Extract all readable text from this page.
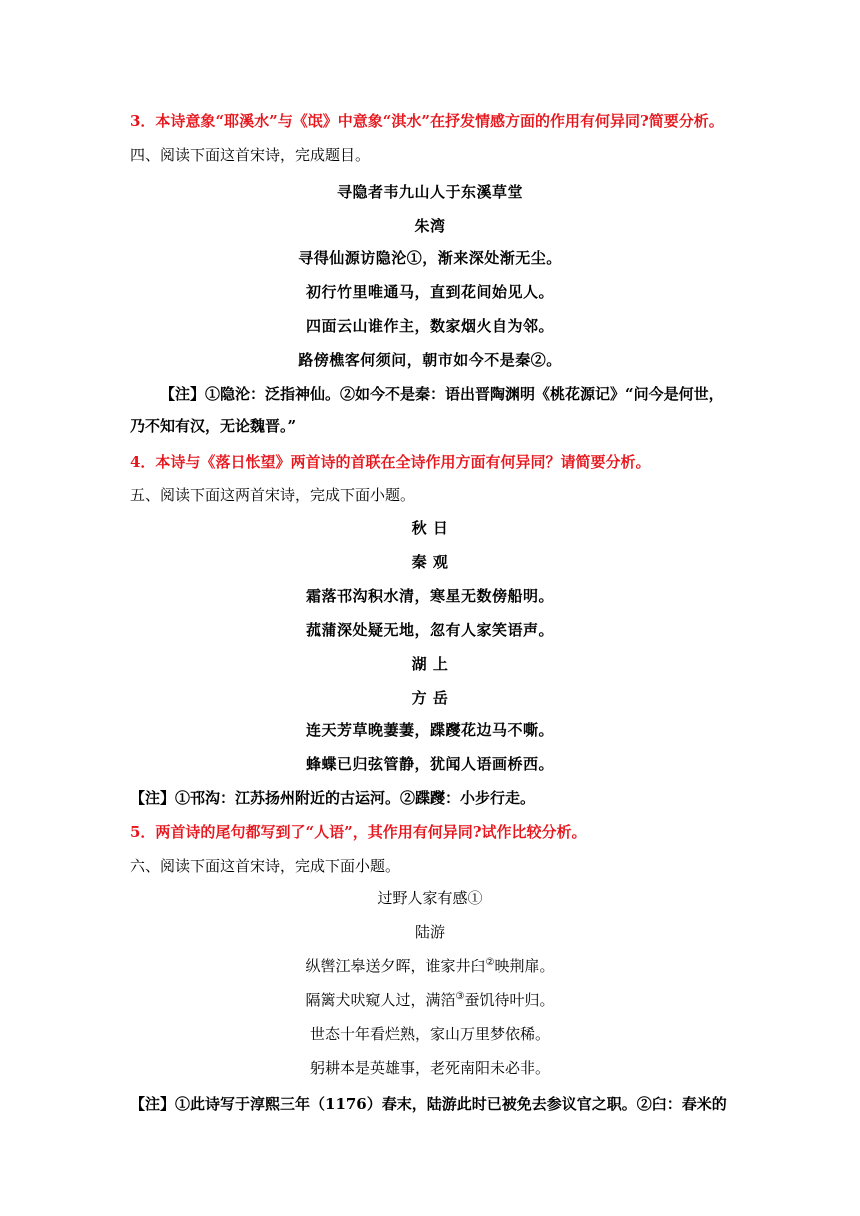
3．本诗意象“耶溪水”与《氓》中意象“淇水”在抒发情感方面的作用有何异同?简要分析。
四、阅读下面这首宋诗，完成题目。
寻隐者韦九山人于东溪草堂
朱湾
寻得仙源访隐沦①，渐来深处渐无尘。
初行竹里唯通马，直到花间始见人。
四面云山谁作主，数家烟火自为邻。
路傍樵客何须问，朝市如今不是秦②。
【注】①隐沦：泛指神仙。②如今不是秦：语出晋陶渊明《桃花源记》“问今是何世，
乃不知有汉，无论魏晋。”
4．本诗与《落日怅望》两首诗的首联在全诗作用方面有何异同？请简要分析。
五、阅读下面这两首宋诗，完成下面小题。
秋 日
秦 观
霜落邗沟积水清，寒星无数傍船明。
菰蒲深处疑无地，忽有人家笑语声。
湖 上
方 岳
连天芳草晚萋萋，蹀躞花边马不嘶。
蜂蝶已归弦管静，犹闻人语画桥西。
【注】①邗沟：江苏扬州附近的古运河。②蹀躞：小步行走。
5．两首诗的尾句都写到了“人语”，其作用有何异同?试作比较分析。
六、阅读下面这首宋诗，完成下面小题。
过野人家有感①
陆游
纵辔江皋送夕晖，谁家井臼②映荆扉。
隔篱犬吠窥人过，满箔③蚕饥待叶归。
世态十年看烂熟，家山万里梦依稀。
躬耕本是英雄事，老死南阳未必非。
【注】①此诗写于淳熙三年（1176）春末，陆游此时已被免去参议官之职。②臼：春米的
